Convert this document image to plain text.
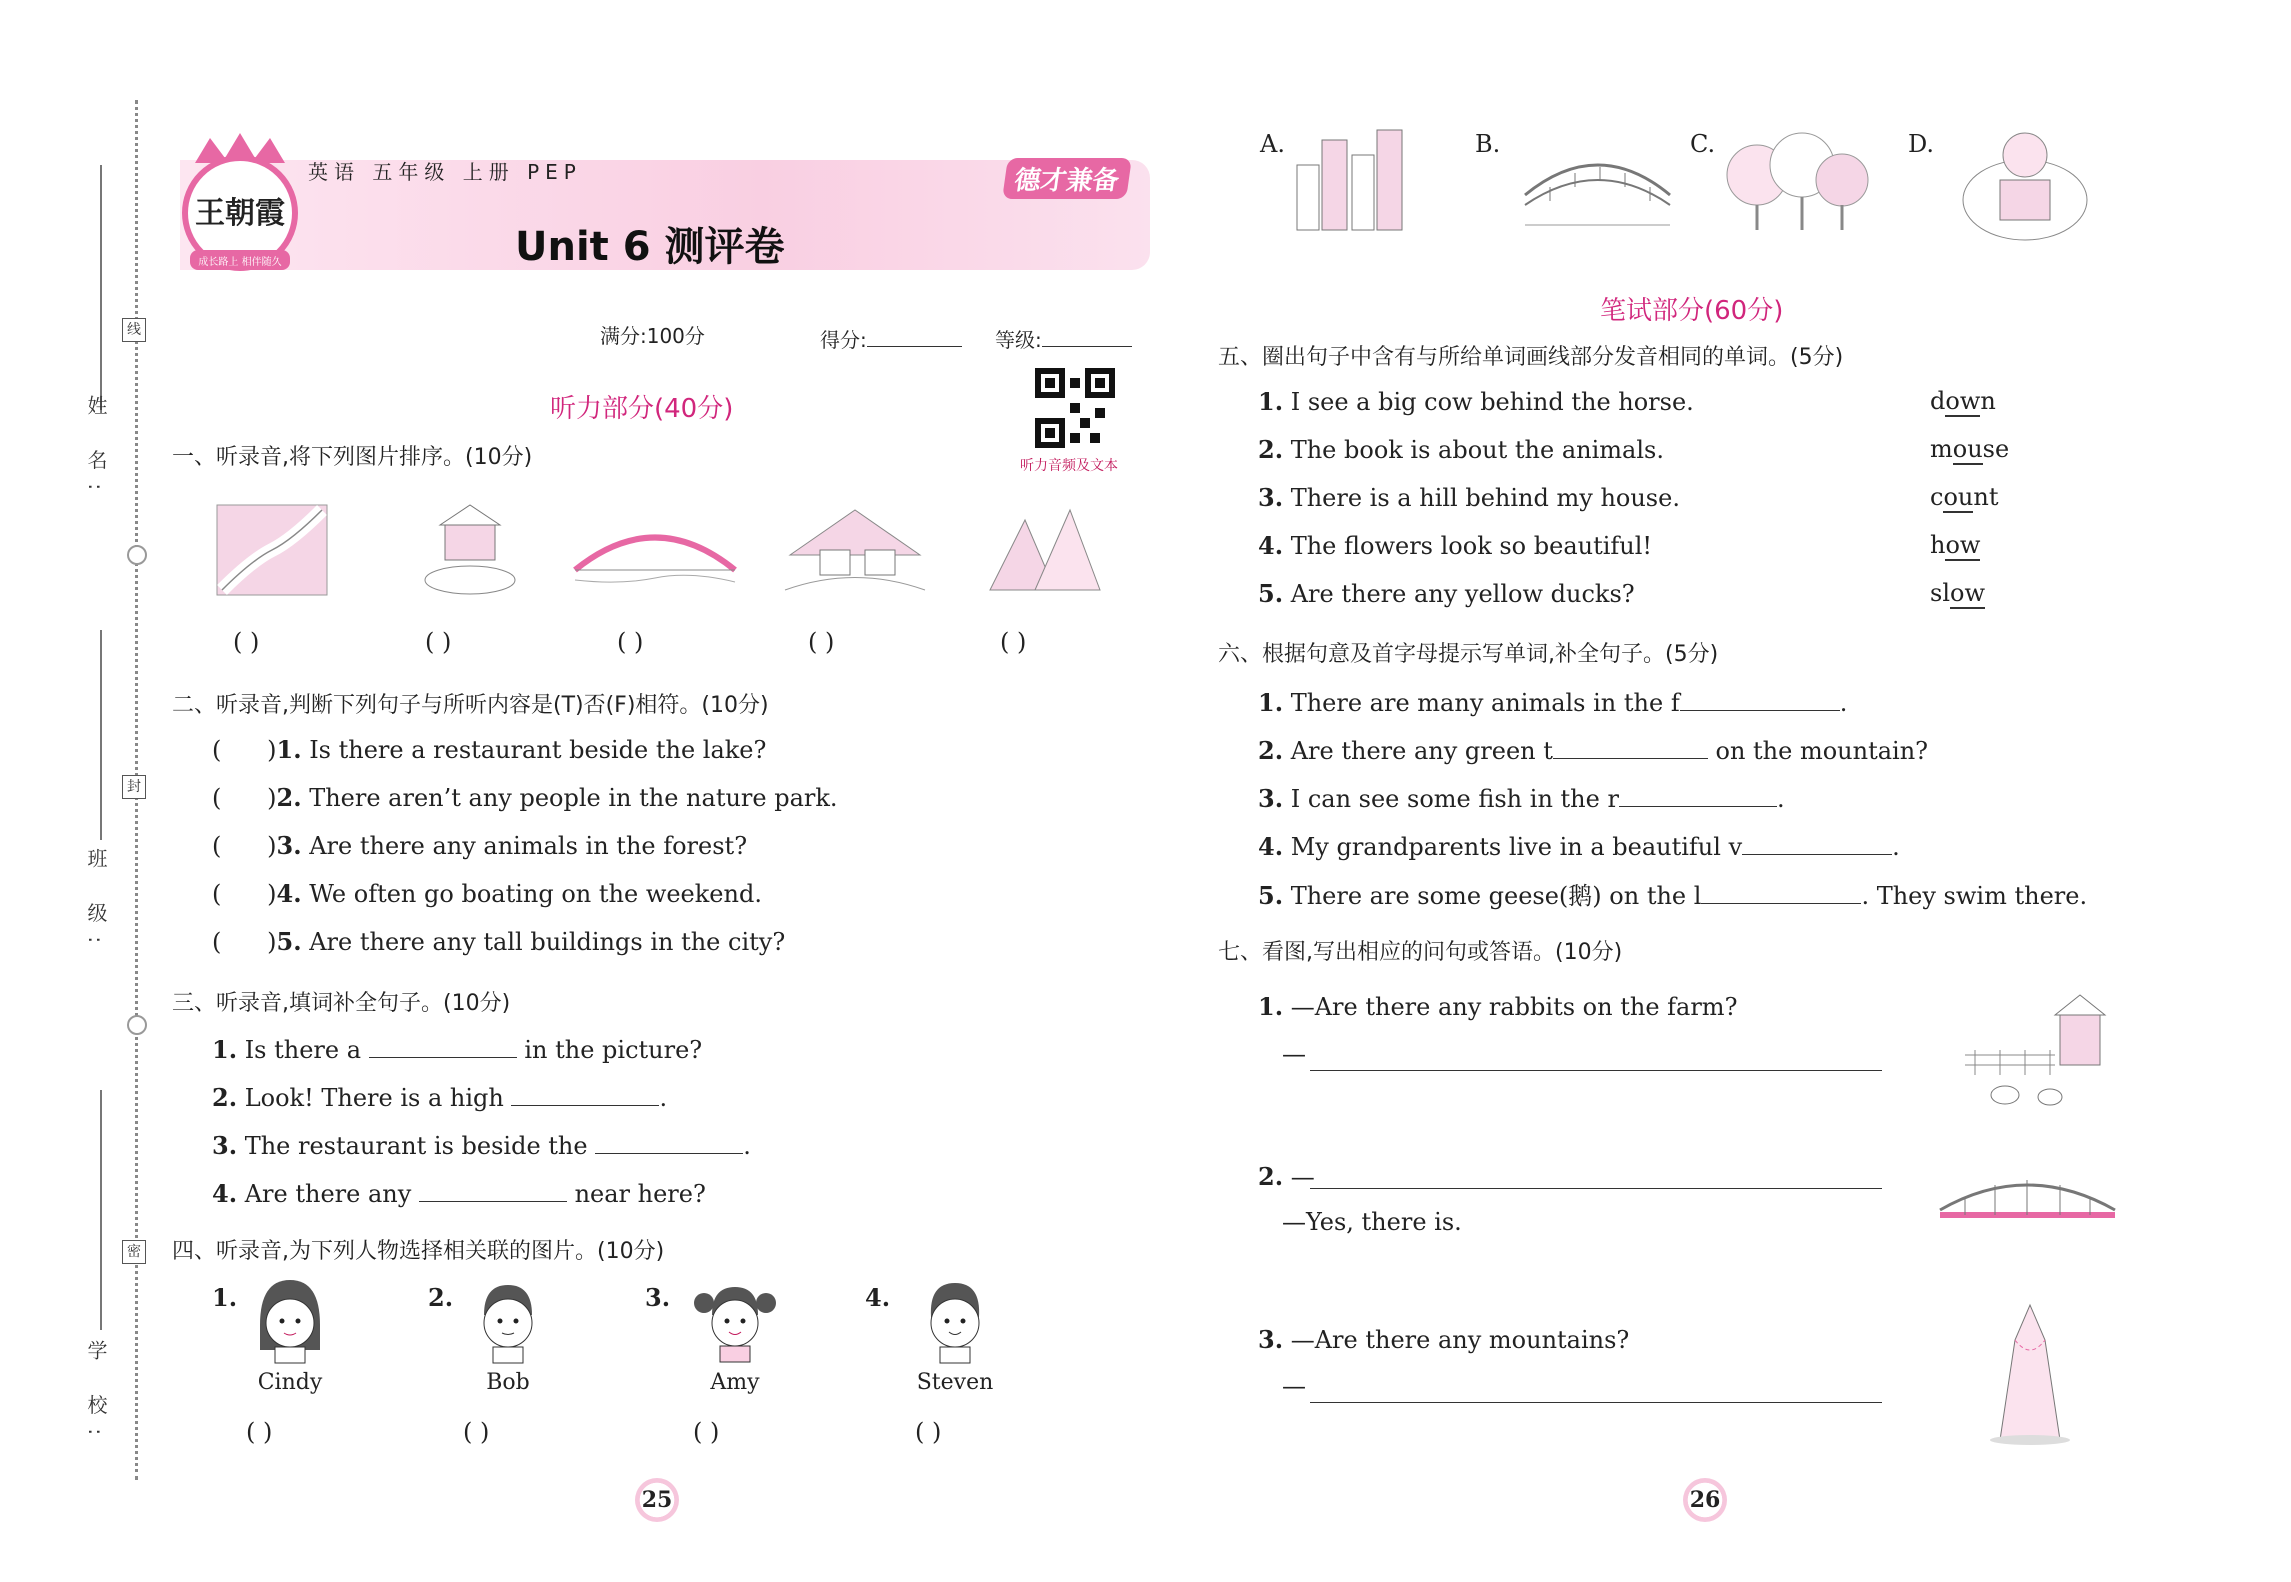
姓 名:
线
班 级:
封
学 校:
密
王朝霞
成长路上 相伴随久
英语 五年级 上册 PEP
Unit 6 测评卷
德才兼备
满分:100分	得分:	等级:
听力音频及文本
听力部分(40分)
一、听录音,将下列图片排序。(10分)
( )	( )	( )	( )	( )
二、听录音,判断下列句子与所听内容是(T)否(F)相符。(10分)
(      )1. Is there a restaurant beside the lake?
(      )2. There aren’t any people in the nature park.
(      )3. Are there any animals in the forest?
(      )4. We often go boating on the weekend.
(      )5. Are there any tall buildings in the city?
三、听录音,填词补全句子。(10分)
1. Is there a	in the picture?
2. Look! There is a high	.
3. The restaurant is beside the	.
4. Are there any	near here?
四、听录音,为下列人物选择相关联的图片。(10分)
1.
Cindy
2.
Bob
3.
Amy
4.
Steven
( )	( )	( )	( )
25
A.	B.	C.	D.
笔试部分(60分)
五、圈出句子中含有与所给单词画线部分发音相同的单词。(5分)
1. I see a big cow behind the horse.	down
2. The book is about the animals.	mouse
3. There is a hill behind my house.	count
4. The flowers look so beautiful!	how
5. Are there any yellow ducks?	slow
六、根据句意及首字母提示写单词,补全句子。(5分)
1. There are many animals in the f	.
2. Are there any green t	on the mountain?
3. I can see some fish in the r	.
4. My grandparents live in a beautiful v	.
5. There are some geese(鹅) on the l	. They swim there.
七、看图,写出相应的问句或答语。(10分)
1. —Are there any rabbits on the farm?
—
2. —
—Yes, there is.
3. —Are there any mountains?
—
26
